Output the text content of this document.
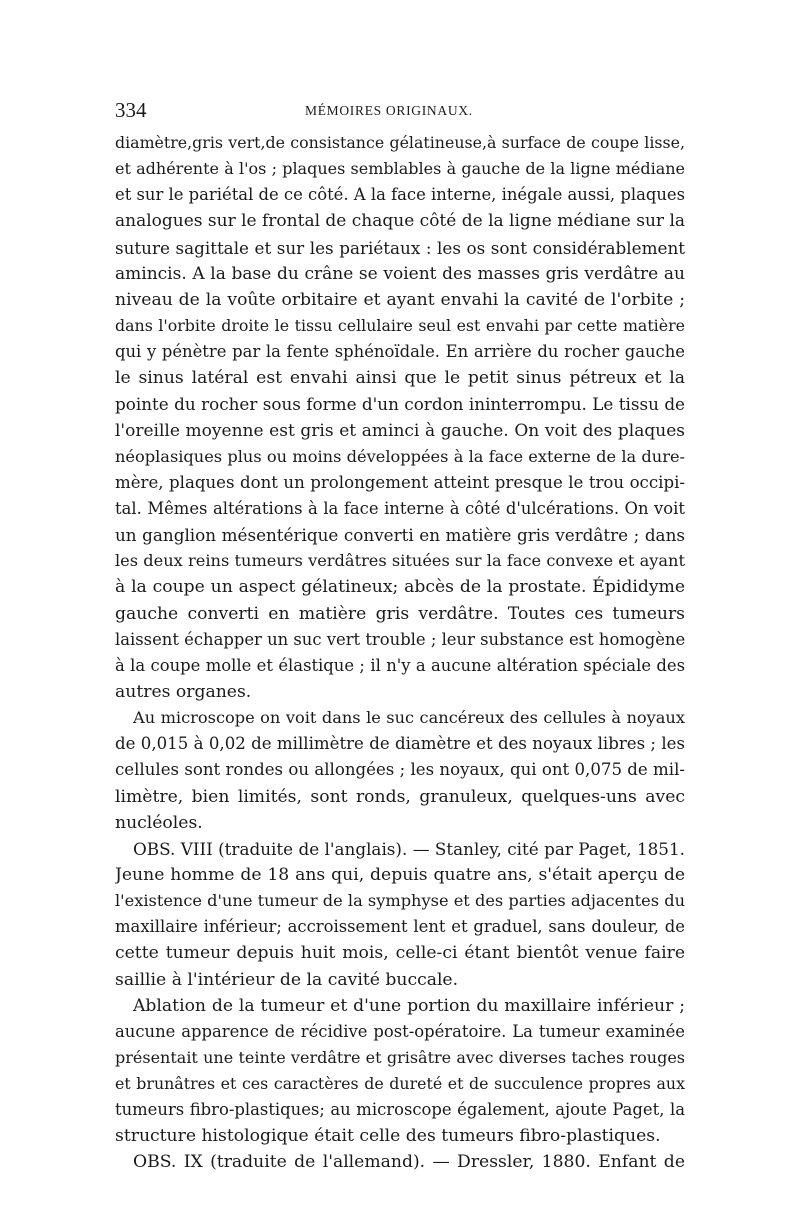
334	MÉMOIRES ORIGINAUX.
diamètre,gris vert,de consistance gélatineuse,à surface de coupe lisse,
et adhérente à l'os ; plaques semblables à gauche de la ligne médiane
et sur le pariétal de ce côté. A la face interne, inégale aussi, plaques
analogues sur le frontal de chaque côté de la ligne médiane sur la
suture sagittale et sur les pariétaux : les os sont considérablement
amincis. A la base du crâne se voient des masses gris verdâtre au
niveau de la voûte orbitaire et ayant envahi la cavité de l'orbite ;
dans l'orbite droite le tissu cellulaire seul est envahi par cette matière
qui y pénètre par la fente sphénoïdale. En arrière du rocher gauche
le sinus latéral est envahi ainsi que le petit sinus pétreux et la
pointe du rocher sous forme d'un cordon ininterrompu. Le tissu de
l'oreille moyenne est gris et aminci à gauche. On voit des plaques
néoplasiques plus ou moins développées à la face externe de la dure-
mère, plaques dont un prolongement atteint presque le trou occipi-
tal. Mêmes altérations à la face interne à côté d'ulcérations. On voit
un ganglion mésentérique converti en matière gris verdâtre ; dans
les deux reins tumeurs verdâtres situées sur la face convexe et ayant
à la coupe un aspect gélatineux; abcès de la prostate. Épididyme
gauche converti en matière gris verdâtre. Toutes ces tumeurs
laissent échapper un suc vert trouble ; leur substance est homogène
à la coupe molle et élastique ; il n'y a aucune altération spéciale des
autres organes.
Au microscope on voit dans le suc cancéreux des cellules à noyaux
de 0,015 à 0,02 de millimètre de diamètre et des noyaux libres ; les
cellules sont rondes ou allongées ; les noyaux, qui ont 0,075 de mil-
limètre, bien limités, sont ronds, granuleux, quelques-uns avec
nucléoles.
OBS. VIII (traduite de l'anglais). — Stanley, cité par Paget, 1851.
Jeune homme de 18 ans qui, depuis quatre ans, s'était aperçu de
l'existence d'une tumeur de la symphyse et des parties adjacentes du
maxillaire inférieur; accroissement lent et graduel, sans douleur, de
cette tumeur depuis huit mois, celle-ci étant bientôt venue faire
saillie à l'intérieur de la cavité buccale.
Ablation de la tumeur et d'une portion du maxillaire inférieur ;
aucune apparence de récidive post-opératoire. La tumeur examinée
présentait une teinte verdâtre et grisâtre avec diverses taches rouges
et brunâtres et ces caractères de dureté et de succulence propres aux
tumeurs fibro-plastiques; au microscope également, ajoute Paget, la
structure histologique était celle des tumeurs fibro-plastiques.
OBS. IX (traduite de l'allemand). — Dressler, 1880. Enfant de
